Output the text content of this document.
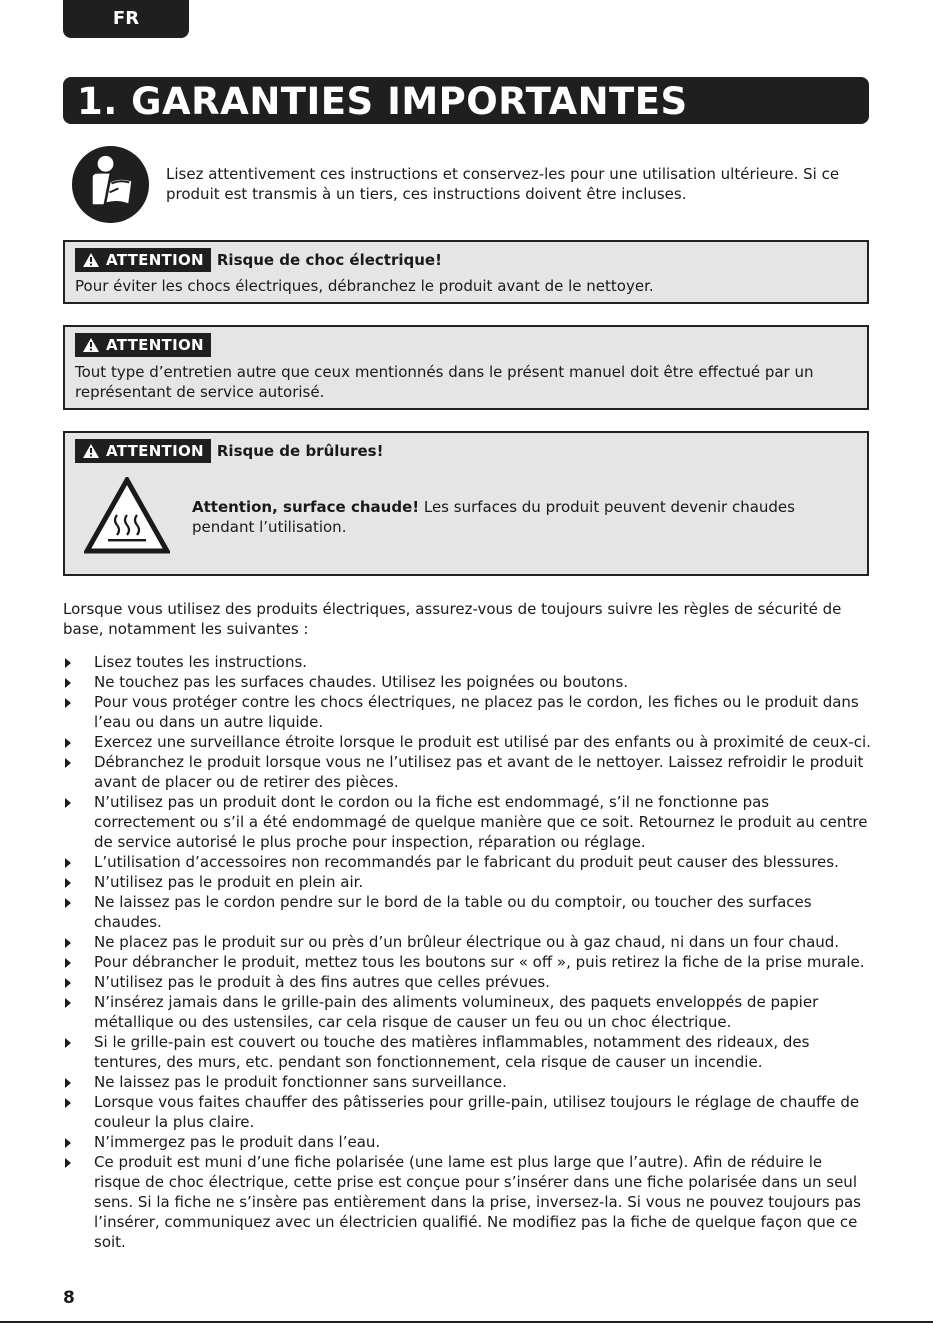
FR
1. GARANTIES IMPORTANTES
Lisez attentivement ces instructions et conservez-les pour une utilisation ultérieure. Si ce produit est transmis à un tiers, ces instructions doivent être incluses.
ATTENTION Risque de choc électrique!
Pour éviter les chocs électriques, débranchez le produit avant de le nettoyer.
ATTENTION
Tout type d’entretien autre que ceux mentionnés dans le présent manuel doit être effectué par un représentant de service autorisé.
ATTENTION Risque de brûlures!
Attention, surface chaude! Les surfaces du produit peuvent devenir chaudes pendant l’utilisation.
Lorsque vous utilisez des produits électriques, assurez-vous de toujours suivre les règles de sécurité de base, notamment les suivantes :
Lisez toutes les instructions.
Ne touchez pas les surfaces chaudes. Utilisez les poignées ou boutons.
Pour vous protéger contre les chocs électriques, ne placez pas le cordon, les fiches ou le produit dans l’eau ou dans un autre liquide.
Exercez une surveillance étroite lorsque le produit est utilisé par des enfants ou à proximité de ceux-ci.
Débranchez le produit lorsque vous ne l’utilisez pas et avant de le nettoyer. Laissez refroidir le produit avant de placer ou de retirer des pièces.
N’utilisez pas un produit dont le cordon ou la fiche est endommagé, s’il ne fonctionne pas correctement ou s’il a été endommagé de quelque manière que ce soit. Retournez le produit au centre de service autorisé le plus proche pour inspection, réparation ou réglage.
L’utilisation d’accessoires non recommandés par le fabricant du produit peut causer des blessures.
N’utilisez pas le produit en plein air.
Ne laissez pas le cordon pendre sur le bord de la table ou du comptoir, ou toucher des surfaces chaudes.
Ne placez pas le produit sur ou près d’un brûleur électrique ou à gaz chaud, ni dans un four chaud.
Pour débrancher le produit, mettez tous les boutons sur « off », puis retirez la fiche de la prise murale.
N’utilisez pas le produit à des fins autres que celles prévues.
N’insérez jamais dans le grille-pain des aliments volumineux, des paquets enveloppés de papier métallique ou des ustensiles, car cela risque de causer un feu ou un choc électrique.
Si le grille-pain est couvert ou touche des matières inflammables, notamment des rideaux, des tentures, des murs, etc. pendant son fonctionnement, cela risque de causer un incendie.
Ne laissez pas le produit fonctionner sans surveillance.
Lorsque vous faites chauffer des pâtisseries pour grille-pain, utilisez toujours le réglage de chauffe de couleur la plus claire.
N’immergez pas le produit dans l’eau.
Ce produit est muni d’une fiche polarisée (une lame est plus large que l’autre). Afin de réduire le risque de choc électrique, cette prise est conçue pour s’insérer dans une fiche polarisée dans un seul sens. Si la fiche ne s’insère pas entièrement dans la prise, inversez-la. Si vous ne pouvez toujours pas l’insérer, communiquez avec un électricien qualifié. Ne modifiez pas la fiche de quelque façon que ce soit.
8
